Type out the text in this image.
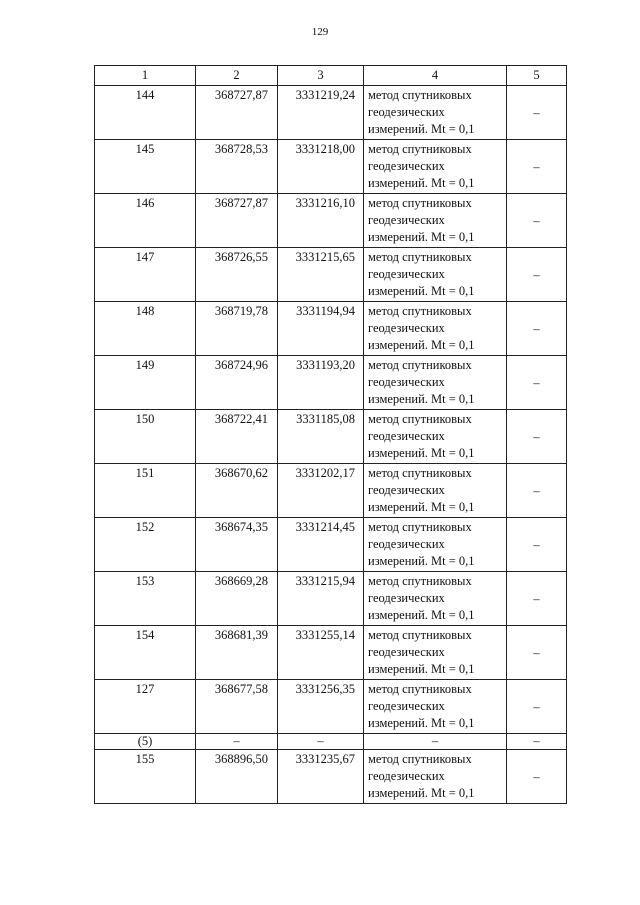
129
1	2	3	4	5
144	368727,87	3331219,24	метод спутниковых
геодезических
измерений. Mt = 0,1	–
145	368728,53	3331218,00	метод спутниковых
геодезических
измерений. Mt = 0,1	–
146	368727,87	3331216,10	метод спутниковых
геодезических
измерений. Mt = 0,1	–
147	368726,55	3331215,65	метод спутниковых
геодезических
измерений. Mt = 0,1	–
148	368719,78	3331194,94	метод спутниковых
геодезических
измерений. Mt = 0,1	–
149	368724,96	3331193,20	метод спутниковых
геодезических
измерений. Mt = 0,1	–
150	368722,41	3331185,08	метод спутниковых
геодезических
измерений. Mt = 0,1	–
151	368670,62	3331202,17	метод спутниковых
геодезических
измерений. Mt = 0,1	–
152	368674,35	3331214,45	метод спутниковых
геодезических
измерений. Mt = 0,1	–
153	368669,28	3331215,94	метод спутниковых
геодезических
измерений. Mt = 0,1	–
154	368681,39	3331255,14	метод спутниковых
геодезических
измерений. Mt = 0,1	–
127	368677,58	3331256,35	метод спутниковых
геодезических
измерений. Mt = 0,1	–
(5)	–	–	–	–
155	368896,50	3331235,67	метод спутниковых
геодезических
измерений. Mt = 0,1	–
